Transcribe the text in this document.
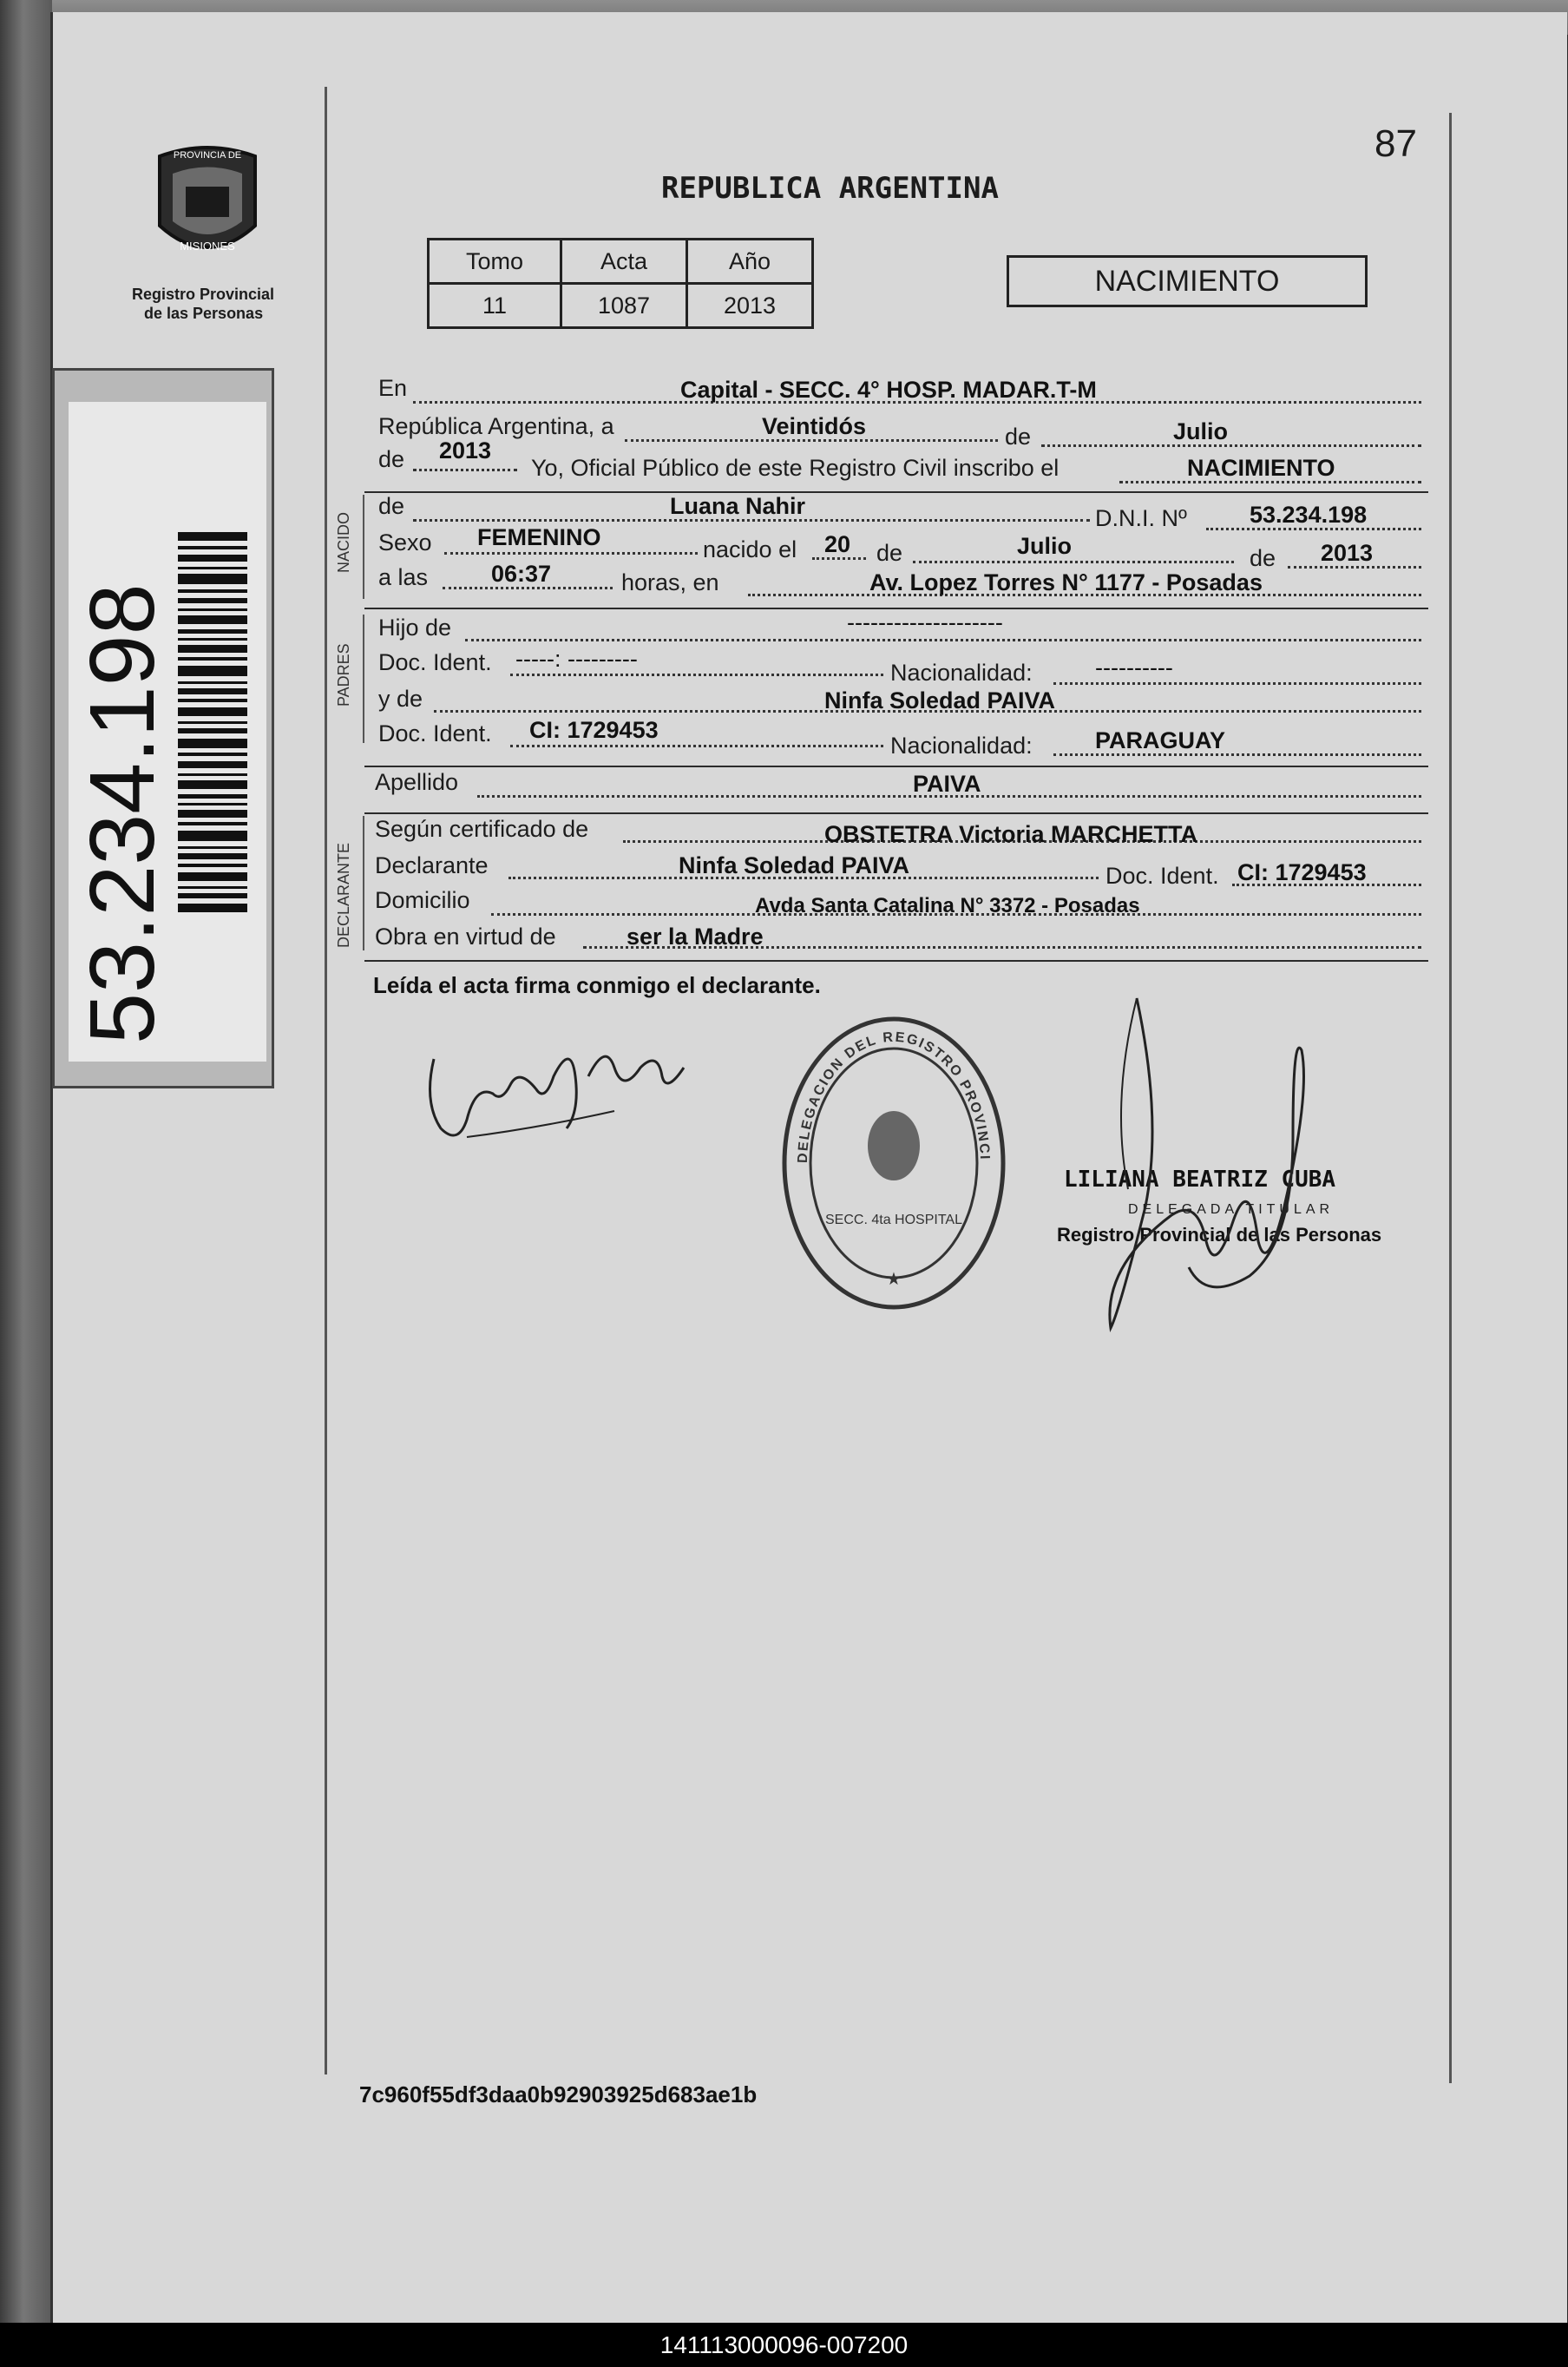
87
PROVINCIA DE
MISIONES
Registro Provincial
de las Personas
53.234.198
REPUBLICA ARGENTINA
Tomo	Acta	Año
11	1087	2013
NACIMIENTO
NACIDO
PADRES
DECLARANTE
En	Capital - SECC. 4° HOSP. MADAR.T-M
República Argentina, a	Veintidós	de	Julio
de 2013
Yo, Oficial Público de este Registro Civil inscribo el	NACIMIENTO
de	Luana Nahir	D.N.I. Nº	53.234.198
Sexo FEMENINO	nacido el 20 de	Julio	de 2013
a las	06:37	horas, en	Av. Lopez Torres N° 1177 - Posadas
Hijo de	--------------------
Doc. Ident. -----: ---------
Nacionalidad:	----------
y de	Ninfa Soledad PAIVA
Doc. Ident. CI: 1729453
Nacionalidad:	PARAGUAY
Apellido	PAIVA
Según certificado de	OBSTETRA Victoria MARCHETTA
Declarante	Ninfa Soledad PAIVA	Doc. Ident. CI: 1729453
Domicilio	Avda Santa Catalina N° 3372 - Posadas
Obra en virtud de	ser la Madre
Leída el acta firma conmigo el declarante.
Soledad Paiva
DELEGACION DEL REGISTRO PROVINCI
SECC. 4ta HOSPITAL
★
LILIANA BEATRIZ CUBA
DELEGADA TITULAR
Registro Provincial de las Personas
7c960f55df3daa0b92903925d683ae1b
141113000096-007200
